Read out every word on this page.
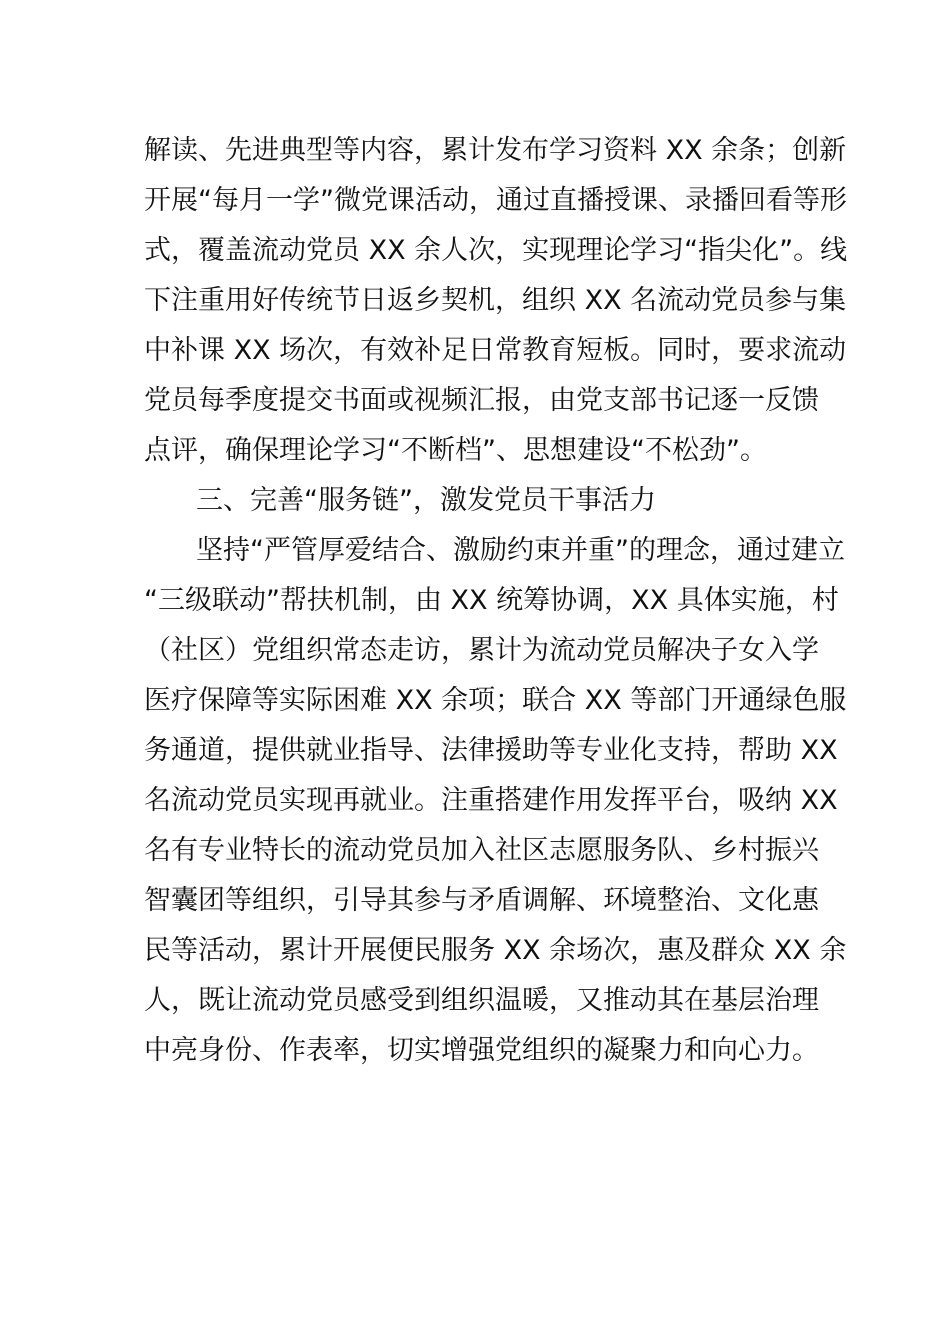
解读、先进典型等内容，累计发布学习资料 XX 余条；创新
开展“每月一学”微党课活动，通过直播授课、录播回看等形
式，覆盖流动党员 XX 余人次，实现理论学习“指尖化”。线
下注重用好传统节日返乡契机，组织 XX 名流动党员参与集
中补课 XX 场次，有效补足日常教育短板。同时，要求流动
党员每季度提交书面或视频汇报，由党支部书记逐一反馈
点评，确保理论学习“不断档”、思想建设“不松劲”。
三、完善“服务链”，激发党员干事活力
坚持“严管厚爱结合、激励约束并重”的理念，通过建立
“三级联动”帮扶机制，由 XX 统筹协调，XX 具体实施，村
（社区）党组织常态走访，累计为流动党员解决子女入学
医疗保障等实际困难 XX 余项；联合 XX 等部门开通绿色服
务通道，提供就业指导、法律援助等专业化支持，帮助 XX
名流动党员实现再就业。注重搭建作用发挥平台，吸纳 XX
名有专业特长的流动党员加入社区志愿服务队、乡村振兴
智囊团等组织，引导其参与矛盾调解、环境整治、文化惠
民等活动，累计开展便民服务 XX 余场次，惠及群众 XX 余
人，既让流动党员感受到组织温暖，又推动其在基层治理
中亮身份、作表率，切实增强党组织的凝聚力和向心力。
